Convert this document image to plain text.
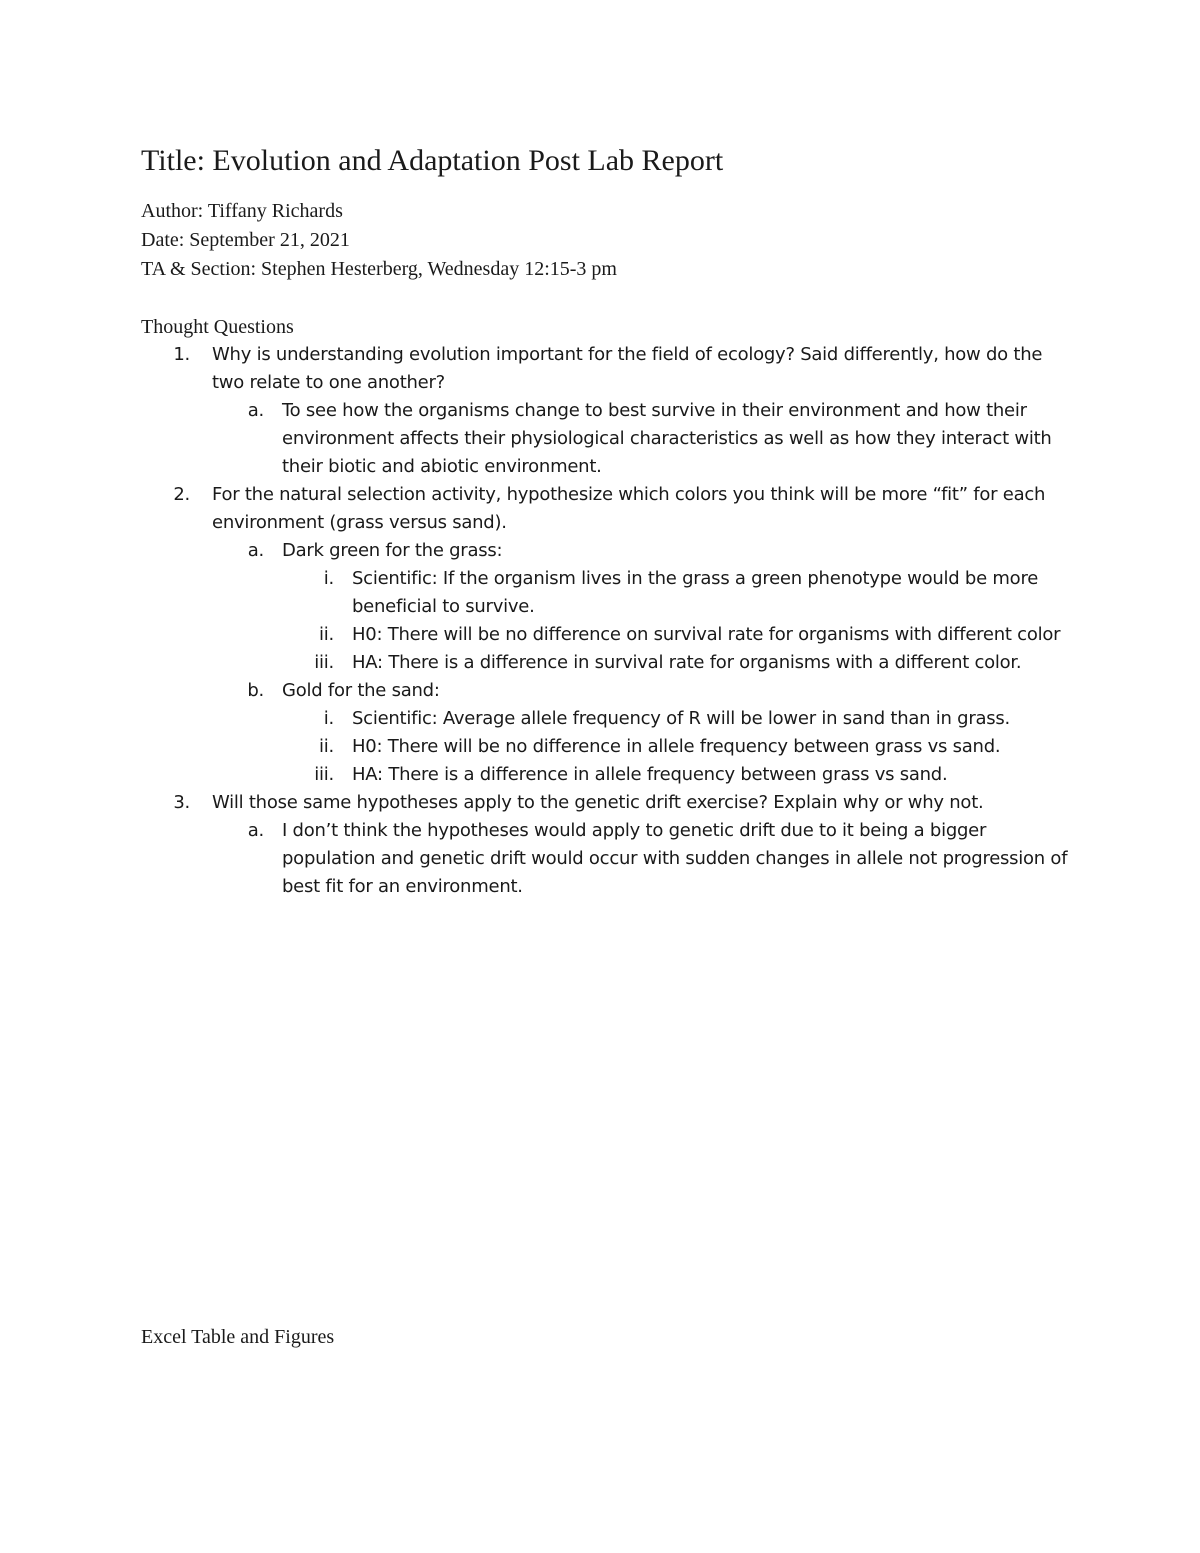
Title: Evolution and Adaptation Post Lab Report
Author: Tiffany Richards
Date: September 21, 2021
TA & Section: Stephen Hesterberg, Wednesday 12:15-3 pm
Thought Questions
1. Why is understanding evolution important for the field of ecology? Said differently, how do the two relate to one another?
a. To see how the organisms change to best survive in their environment and how their environment affects their physiological characteristics as well as how they interact with their biotic and abiotic environment.
2. For the natural selection activity, hypothesize which colors you think will be more “fit” for each environment (grass versus sand).
a. Dark green for the grass:
i. Scientific: If the organism lives in the grass a green phenotype would be more beneficial to survive.
ii. H0: There will be no difference on survival rate for organisms with different color
iii. HA: There is a difference in survival rate for organisms with a different color.
b. Gold for the sand:
i. Scientific: Average allele frequency of R will be lower in sand than in grass.
ii. H0: There will be no difference in allele frequency between grass vs sand.
iii. HA: There is a difference in allele frequency between grass vs sand.
3. Will those same hypotheses apply to the genetic drift exercise? Explain why or why not.
a. I don’t think the hypotheses would apply to genetic drift due to it being a bigger population and genetic drift would occur with sudden changes in allele not progression of best fit for an environment.
Excel Table and Figures
